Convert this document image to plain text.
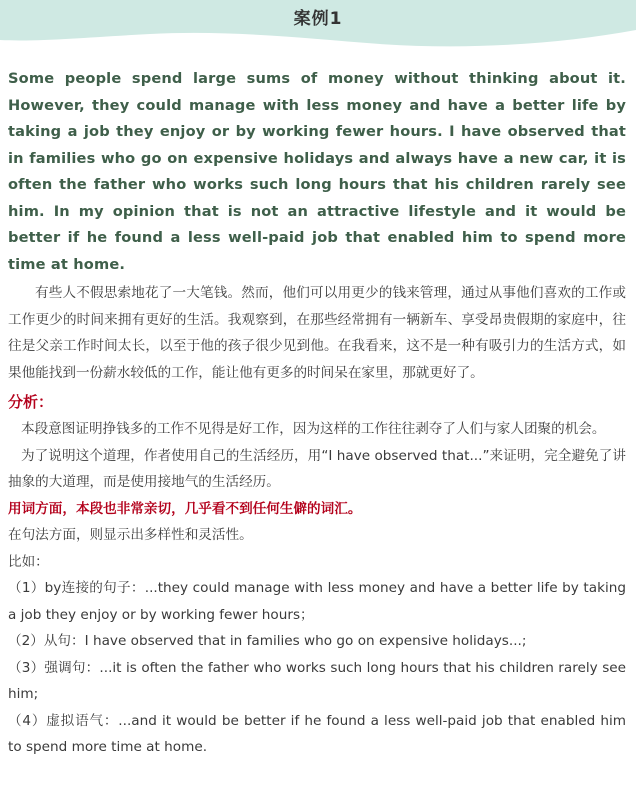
案例1

Some people spend large sums of money without thinking about it. However, they could manage with less money and have a better life by taking a job they enjoy or by working fewer hours. I have observed that in families who go on expensive holidays and always have a new car, it is often the father who works such long hours that his children rarely see him. In my opinion that is not an attractive lifestyle and it would be better if he found a less well-paid job that enabled him to spend more time at home.

有些人不假思索地花了一大笔钱。然而，他们可以用更少的钱来管理，通过从事他们喜欢的工作或工作更少的时间来拥有更好的生活。我观察到，在那些经常拥有一辆新车、享受昂贵假期的家庭中，往往是父亲工作时间太长，以至于他的孩子很少见到他。在我看来，这不是一种有吸引力的生活方式，如果他能找到一份薪水较低的工作，能让他有更多的时间呆在家里，那就更好了。

分析：

本段意图证明挣钱多的工作不见得是好工作，因为这样的工作往往剥夺了人们与家人团聚的机会。

为了说明这个道理，作者使用自己的生活经历，用“I have observed that...”来证明，完全避免了讲抽象的大道理，而是使用接地气的生活经历。

用词方面，本段也非常亲切，几乎看不到任何生僻的词汇。

在句法方面，则显示出多样性和灵活性。

比如：

（1）by连接的句子：...they could manage with less money and have a better life by taking a job they enjoy or by working fewer hours；

（2）从句：I have observed that in families who go on expensive holidays...;

（3）强调句：...it is often the father who works such long hours that his children rarely see him;

（4）虚拟语气：...and it would be better if he found a less well-paid job that enabled him to spend more time at home.
